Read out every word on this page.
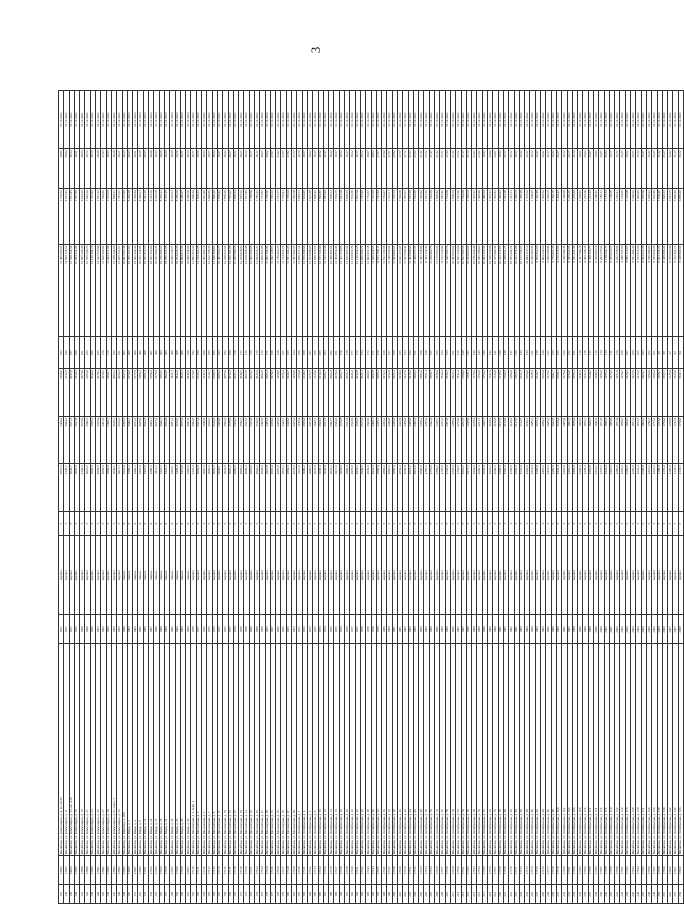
3
137	17082	Михайлов, ул. Коммунаров, д. 9, кв. 45/46	1971	кирпич	5	2851,4	2409,4	1996,0	193	11 489 296,96	7 765,52	29,86	31.12.2022
138	17083	Михайлов, ул. Коммунаров, д. 11	1971	кирпич	5	3168,7	2694,3	2152,6	196	12 843 118,52	8 015,43	28,94	31.12.2022
139	34493	Михайлов, ул. Коммунаров, д. 13, кв. 2-50	1971	кирпич	5	3038,7	2611,5	2037,8	187	12 560 324,54	7 811,45	28,34	31.12.2022
140	17086	Михайлов, ул. Коммунаров, д. 15	1973	кирпич	5	3025,6	2617,8	2124,3	189	12 594 214,41	7 877,56	28,41	31.12.2022
141	17088	Михайлов, ул. Коммунаров, д. 19	1968	кирпич	5	4169,3	3573,8	2873,8	251	16 895 120,38	8 024,10	29,54	31.12.2021
142	17089	Михайлов, ул. Коммунаров, д. 21	1969	кирпич	5	3021,2	2590,1	2105,9	186	12 475 238,76	7 942,64	28,72	31.12.2022
143	17090	Михайлов, ул. Коммунаров, д. 23	1966	кирпич	5	2962,5	2550,2	2044,4	182	12 168 394,16	7 745,92	28,16	31.12.2022
144	17091	Михайлов, ул. Коммунаров, д. 25	1967	кирпич	5	2968,8	2556,9	2078,5	185	12 327 616,94	7 851,22	28,48	31.12.2022
145	17092	Михайлов, ул. Коммунаров, д. 27	1964	кирпич	5	2884,4	2461,3	1979,2	170	11 828 442,84	7 629,83	27,93	31.12.2022
146	17093	Михайлов, ул. Коммунаров, д. 29	1964	кирпич	5	2899,8	2490,1	1999,7	173	11 944 517,60	7 674,35	28,05	31.12.2022
147	17094	Михайлов, ул. Коммунаров, д. 31, корп. 1	1965	кирпич	5	3030,2	2610,7	2093,2	186	12 478 334,06	7 838,27	28,39	31.12.2022
148	17095	Михайлов, ул. Коммунаров, д. 33	1965	кирпич	5	3017,5	2573,2	2060,3	181	12 265 721,81	7 781,37	28,21	31.12.2022
149	34795	Михайлов, ул. Маркова, д. 18А	1980	панель	9	5241,9	4453,6	3647,3	287	18 907 661,40	8 217,96	29,25	31.12.2022
150	17096	Михайлов, ул. Мира, д. 2	1982	панель	9	5389,2	4590,1	3750,6	296	19 456 207,82	8 302,38	29,43	31.12.2023
151	17097	Михайлов, ул. Мира, д. 4	1984	панель	9	5406,3	4611,5	3777,8	299	19 602 438,43	8 330,84	29,51	31.12.2023
152	17099	Михайлов, ул. Мира, д. 8	1985	панель	9	5425,0	4636,9	3790,3	302	19 705 124,86	8 349,21	29,58	31.12.2023
153	17101	Михайлов, ул. Мира, д. 12	1986	панель	9	5419,8	4622,3	3781,4	298	19 651 812,57	8 341,19	29,55	31.12.2023
154	17102	Михайлов, ул. Мира, д. 14	1987	панель	9	5398,6	4605,7	3769,2	297	19 591 356,03	8 322,65	29,49	31.12.2023
155	17103	Михайлов, ул. Мира, д. 16	1988	панель	9	5411,2	4617,4	3776,9	300	19 631 840,29	8 334,70	29,53	31.12.2023
156	17104	Михайлов, ул. Мира, д. 18	1989	панель	9	5432,7	4640,1	3793,5	303	19 728 406,51	8 355,12	29,60	31.12.2023
157	17106	Михайлов, ул. Мира, д. 22	1990	панель	9	5447,3	4652,8	3804,9	305	19 786 531,08	8 367,26	29,64	31.12.2023
158	17107	Михайлов, ул. Мира, д. 24	1991	панель	9	5455,1	4661,2	3811,7	306	19 820 145,73	8 374,51	29,66	31.12.2023
159	17108	Михайлов, ул. Мира, д. 26	1992	панель	9	5468,4	4673,5	3822,4	308	19 874 928,46	8 386,03	29,70	31.12.2023
160	17109	Михайлов, ул. Мира, д. 28	1993	панель	9	5471,9	4677,0	3826,1	309	19 894 017,32	8 390,27	29,71	31.12.2023
161	34797	Михайлов, ул. Мира, д. 30	1994	панель	9	5482,6	4687,9	3834,8	310	19 938 744,90	8 399,58	29,74	31.12.2023
162	17110	Михайлов, ул. Московская, д. 1, корп. 1	1978	кирпич	5	3125,4	2692,8	2170,5	192	12 897 416,32	7 960,34	28,77	31.12.2022
163	17111	Михайлов, ул. Московская, д. 3	1977	кирпич	5	3094,8	2661,6	2145,2	189	12 744 203,58	7 934,12	28,68	31.12.2022
164	17112	Михайлов, ул. Московская, д. 5	1976	кирпич	5	3081,3	2648,9	2133,7	188	12 681 492,10	7 921,48	28,63	31.12.2022
165	17113	Михайлов, ул. Московская, д. 7	1975	кирпич	5	3066,5	2634,2	2120,1	186	12 612 738,45	7 906,85	28,57	31.12.2022
166	17114	Михайлов, ул. Московская, д. 9	1974	кирпич	5	3052,7	2619,5	2108,3	185	12 548 306,91	7 893,20	28,52	31.12.2022
167	17115	Михайлов, ул. Московская, д. 11	1973	кирпич	5	3038,1	2605,8	2096,4	183	12 481 955,27	7 879,46	28,47	31.12.2022
168	17116	Михайлов, ул. Московская, д. 13	1972	кирпич	5	3024,9	2592,3	2085,0	182	12 418 623,64	7 866,18	28,42	31.12.2022
169	17117	Михайлов, ул. Московская, д. 15	1971	кирпич	5	3010,2	2578,6	2072,8	180	12 350 181,09	7 852,07	28,37	31.12.2022
170	17118	Михайлов, ул. Московская, д. 17	1970	кирпич	5	2996,6	2564,1	2061,2	179	12 287 549,55	7 838,74	28,32	31.12.2022
171	17119	Михайлов, ул. Московская, д. 19	1970	кирпич	5	2983,0	2550,7	2049,5	177	12 223 918,02	7 825,32	28,27	31.12.2022
172	17120	Михайлов, ул. Московская, д. 21	1969	кирпич	5	2969,4	2537,2	2037,9	176	12 160 286,48	7 811,95	28,22	31.12.2022
173	17121	Михайлов, ул. Московская, д. 23	1969	кирпич	5	2955,8	2523,8	2026,2	175	12 096 654,95	7 798,60	28,17	31.12.2022
174	17122	Михайлов, ул. Московская, д. 25	1968	кирпич	5	2942,2	2510,3	2014,6	173	12 033 023,41	7 785,22	28,12	31.12.2022
175	17123	Михайлов, ул. Московская, д. 27	1968	кирпич	5	2928,6	2496,9	2002,9	172	11 969 391,88	7 771,87	28,07	31.12.2022
176	17124	Михайлов, ул. Московская, д. 29	1967	кирпич	5	2915,0	2483,4	1991,3	171	11 905 760,34	7 758,50	28,02	31.12.2022
177	17125	Михайлов, ул. Московская, д. 31	1967	кирпич	5	2901,4	2470,0	1979,6	169	11 842 128,81	7 745,14	27,97	31.12.2022
178	17126	Михайлов, ул. Московская, д. 33	1966	кирпич	5	2887,8	2456,5	1968,0	168	11 778 497,27	7 731,77	27,92	31.12.2022
179	17127	Михайлов, ул. Московская, д. 35	1966	кирпич	5	2874,2	2443,1	1956,3	167	11 714 865,74	7 718,41	27,87	31.12.2022
180	17128	Михайлов, ул. Московская, д. 37	1965	кирпич	5	2860,6	2429,6	1944,7	165	11 651 234,20	7 705,04	27,82	31.12.2022
181	17129	Михайлов, ул. Московская, д. 39	1965	кирпич	5	2847,0	2416,2	1933,0	164	11 587 602,67	7 691,68	27,77	31.12.2022
182	17130	Михайлов, ул. Октябрьская, д. 2	1972	кирпич	5	3112,8	2678,4	2160,9	190	12 830 271,14	7 948,31	28,72	31.12.2022
183	17131	Михайлов, ул. Октябрьская, д. 4	1972	кирпич	5	3099,2	2665,0	2149,3	189	12 766 639,60	7 934,95	28,67	31.12.2022
184	17132	Михайлов, ул. Октябрьская, д. 6	1973	кирпич	5	3085,6	2651,5	2137,6	187	12 703 008,07	7 921,58	28,62	31.12.2022
185	17133	Михайлов, ул. Октябрьская, д. 8	1973	кирпич	5	3072,0	2638,1	2126,0	186	12 639 376,53	7 908,22	28,57	31.12.2022
186	17134	Михайлов, ул. Октябрьская, д. 10	1974	кирпич	5	3058,4	2624,6	2114,3	185	12 575 745,00	7 894,85	28,52	31.12.2022
187	17135	Михайлов, ул. Октябрьская, д. 12	1974	кирпич	5	3044,8	2611,2	2102,7	183	12 512 113,46	7 881,49	28,47	31.12.2022
188	17136	Михайлов, ул. Октябрьская, д. 14	1975	кирпич	5	3031,2	2597,7	2091,0	182	12 448 481,93	7 868,12	28,42	31.12.2022
189	17137	Михайлов, ул. Октябрьская, д. 16	1975	кирпич	5	3017,6	2584,3	2079,4	181	12 384 850,39	7 854,76	28,37	31.12.2022
190	17138	Михайлов, ул. Октябрьская, д. 18	1976	кирпич	5	3004,0	2570,8	2067,7	179	12 321 218,86	7 841,39	28,32	31.12.2022
191	17139	Михайлов, ул. Октябрьская, д. 20	1976	кирпич	5	2990,4	2557,4	2056,1	178	12 257 587,32	7 828,03	28,27	31.12.2022
192	17140	Михайлов, ул. Октябрьская, д. 22	1977	кирпич	5	2976,8	2543,9	2044,4	177	12 193 955,79	7 814,66	28,22	31.12.2022
193	17141	Михайлов, ул. Октябрьская, д. 24	1977	кирпич	5	2963,2	2530,5	2032,8	175	12 130 324,25	7 801,30	28,17	31.12.2022
194	17142	Михайлов, ул. Октябрьская, д. 26	1978	кирпич	5	2949,6	2517,0	2021,1	174	12 066 692,72	7 787,93	28,12	31.12.2022
195	17143	Михайлов, ул. Октябрьская, д. 28	1978	кирпич	5	2936,0	2503,6	2009,5	173	12 003 061,18	7 774,57	28,07	31.12.2022
196	17144	Михайлов, ул. Октябрьская, д. 30	1979	кирпич	5	2922,4	2490,1	1997,8	171	11 939 429,65	7 761,20	28,02	31.12.2022
197	17145	Михайлов, ул. Октябрьская, д. 32	1979	кирпич	5	2908,8	2476,7	1986,2	170	11 875 798,11	7 747,84	27,97	31.12.2022
198	17146	Михайлов, ул. Октябрьская, д. 34	1980	кирпич	5	2895,2	2463,2	1974,5	169	11 812 166,58	7 734,47	27,92	31.12.2022
199	17147	Михайлов, ул. Октябрьская, д. 36	1980	кирпич	5	2881,6	2449,8	1962,9	167	11 748 535,04	7 721,11	27,87	31.12.2022
200	17148	Михайлов, ул. Октябрьская, д. 38	1981	кирпич	5	2868,0	2436,3	1951,2	166	11 684 903,51	7 707,74	27,82	31.12.2022
201	17149	Михайлов, ул. Октябрьская, д. 40	1981	кирпич	5	2854,4	2422,9	1939,6	165	11 621 271,97	7 694,38	27,77	31.12.2022
202	17150	Михайлов, ул. Октябрьская, д. 42	1982	кирпич	5	2840,8	2409,4	1927,9	163	11 557 640,44	7 681,01	27,72	31.12.2022
203	17151	Михайлов, ул. Октябрьская, д. 44	1982	кирпич	5	2827,2	2396,0	1916,3	162	11 494 008,90	7 667,65	27,67	31.12.2022
204	17152	Михайлов, ул. Октябрьская, д. 46	1983	кирпич	5	2813,6	2382,5	1904,6	161	11 430 377,37	7 654,28	27,62	31.12.2022
205	17153	Михайлов, ул. Октябрьская, д. 48	1983	кирпич	5	2800,0	2369,1	1893,0	159	11 366 745,83	7 640,92	27,57	31.12.2022
206	17154	Михайлов, ул. Октябрьская, д. 50	1984	кирпич	5	2786,4	2355,6	1881,3	158	11 303 114,30	7 627,55	27,52	31.12.2022
207	17155	Михайлов, ул. Октябрьская, д. 52	1984	кирпич	5	2772,8	2342,2	1869,7	157	11 239 482,76	7 614,19	27,47	31.12.2022
208	17156	Михайлов, ул. Октябрьская, д. 54	1985	кирпич	5	2759,2	2328,7	1858,0	155	11 175 851,23	7 600,82	27,42	31.12.2022
209	17157	Михайлов, ул. Октябрьская, д. 56	1985	кирпич	5	2745,6	2315,3	1846,4	154	11 112 219,69	7 587,46	27,37	31.12.2022
210	17158	Михайлов, ул. Октябрьская, д. 58	1986	кирпич	5	2732,0	2301,8	1834,7	153	11 048 588,16	7 574,09	27,32	31.12.2022
211	17159	Михайлов, ул. Октябрьская, д. 60	1986	кирпич	5	2718,4	2288,4	1823,1	151	10 984 956,62	7 560,73	27,27	31.12.2022
212	17160	Михайлов, ул. Октябрьская, д. 62	1987	кирпич	5	2704,8	2274,9	1811,4	150	10 921 325,09	7 547,36	27,22	31.12.2022
213	17161	Михайлов, ул. Октябрьская, д. 64	1987	кирпич	5	2691,2	2261,5	1799,8	149	10 857 693,55	7 534,00	27,17	31.12.2022
214	17162	Михайлов, ул. Октябрьская, д. 66	1988	кирпич	5	2677,6	2248,0	1788,1	147	10 794 062,02	7 520,63	27,12	31.12.2022
215	17163	Михайлов, ул. Октябрьская, д. 68	1988	кирпич	5	2664,0	2234,6	1776,5	146	10 730 430,48	7 507,27	27,07	31.12.2022
216	17164	Михайлов, ул. Октябрьская, д. 70	1989	кирпич	5	2650,4	2221,1	1764,8	145	10 666 798,95	7 493,90	27,02	31.12.2022
217	17165	Михайлов, ул. Октябрьская, д. 72	1989	кирпич	5	2636,8	2207,7	1753,2	143	10 603 167,41	7 480,54	26,97	31.12.2022
218	17166	Михайлов, ул. Октябрьская, д. 74	1990	кирпич	5	2623,2	2194,2	1741,5	142	10 539 535,88	7 467,17	26,92	31.12.2022
219	17167	Михайлов, ул. Октябрьская, д. 76	1990	кирпич	5	2609,6	2180,8	1729,9	141	10 475 904,34	7 453,81	26,87	31.12.2022
220	17168	Михайлов, ул. Октябрьская, д. 78	1991	кирпич	5	2596,0	2167,3	1718,2	139	10 412 272,81	7 440,44	26,82	31.12.2022
221	17169	Михайлов, ул. Октябрьская, д. 80	1991	кирпич	5	2582,4	2153,9	1706,6	138	10 348 641,27	7 427,08	26,77	31.12.2022
222	17170	Михайлов, ул. Октябрьская, д. 82	1992	кирпич	5	2568,8	2140,4	1694,9	137	10 285 009,74	7 413,71	26,72	31.12.2022
223	17171	Михайлов, ул. Октябрьская, д. 84	1992	кирпич	5	2555,2	2127,0	1683,3	135	10 221 378,20	7 400,35	26,67	31.12.2022
224	17172	Михайлов, ул. Октябрьская, д. 86	1993	кирпич	5	2541,6	2113,5	1671,6	134	10 157 746,67	7 386,98	26,62	31.12.2022
225	17173	Михайлов, ул. Октябрьская, д. 88	1993	кирпич	5	2528,0	2100,1	1660,0	133	10 094 115,13	7 373,62	26,57	31.12.2022
226	17174	Михайлов, ул. Октябрьская, д. 90	1994	кирпич	5	2514,4	2086,6	1648,3	131	10 030 483,60	7 360,25	26,52	31.12.2022
227	17175	Михайлов, ул. Октябрьская, д. 92	1994	кирпич	5	2500,8	2073,2	1636,7	130	9 966 852,06	7 346,89	26,47	31.12.2022
228	17176	Михайлов, ул. Октябрьская, д. 94	1995	кирпич	5	2487,2	2059,7	1625,0	129	9 903 220,53	7 333,52	26,42	31.12.2022
229	17177	Михайлов, ул. Октябрьская, д. 96	1995	кирпич	5	2473,6	2046,3	1613,4	127	9 839 588,99	7 320,16	26,37	31.12.2022
230	17178	Михайлов, ул. Октябрьская, д. 98	1996	кирпич	5	2460,0	2032,8	1601,7	126	9 775 957,46	7 306,79	26,32	31.12.2022
231	17179	Михайлов, ул. Октябрьская, д. 100	1996	кирпич	5	2446,4	2019,4	1590,1	125	9 712 325,92	7 293,43	26,27	31.12.2022
232	17180	Михайлов, ул. Октябрьская, д. 102	1997	кирпич	5	2432,8	2005,9	1578,4	123	9 648 694,39	7 280,06	26,22	31.12.2022
233	17181	Михайлов, ул. Октябрьская, д. 104	1997	кирпич	5	2419,2	1992,5	1566,8	122	9 585 062,85	7 266,70	26,17	31.12.2022
234	17182	Михайлов, ул. Октябрьская, д. 106	1998	кирпич	5	2405,6	1979,0	1555,1	121	9 521 431,32	7 253,33	26,12	31.12.2022
235	17183	Михайлов, ул. Октябрьская, д. 108	1998	кирпич	5	2392,0	1965,6	1543,5	119	9 457 799,78	7 239,97	26,07	31.12.2022
236	17184	Михайлов, ул. Октябрьская, д. 110	1999	кирпич	5	2378,4	1952,1	1531,8	118	9 394 168,25	7 226,60	26,02	31.12.2022
237	17185	Михайлов, ул. Октябрьская, д. 112	1999	кирпич	5	2364,8	1938,7	1520,2	117	9 330 536,71	7 213,24	25,97	31.12.2022
238	17186	Михайлов, ул. Октябрьская, д. 114	2000	кирпич	5	2351,2	1925,2	1508,5	115	9 266 905,18	7 199,87	25,92	31.12.2022
239	17187	Михайлов, ул. Октябрьская, д. 116	2000	кирпич	5	2337,6	1911,8	1496,9	114	9 203 273,64	7 186,51	25,87	31.12.2022
240	17188	Михайлов, ул. Октябрьская, д. 118	2001	кирпич	5	2324,0	1898,3	1485,2	113	9 139 642,11	7 173,14	25,82	31.12.2022
241	17189	Михайлов, ул. Октябрьская, д. 120	2001	кирпич	5	2310,4	1884,9	1473,6	111	9 076 010,57	7 159,78	25,77	31.12.2022
242	17190	Михайлов, ул. Октябрьская, д. 122	2002	кирпич	5	2296,8	1871,4	1461,9	110	9 012 379,04	7 146,41	25,72	31.12.2022
243	17191	Михайлов, ул. Октябрьская, д. 124	2002	кирпич	5	2283,2	1858,0	1450,3	109	8 948 747,50	7 133,05	25,67	31.12.2022
244	17192	Михайлов, ул. Октябрьская, д. 126	2003	кирпич	5	2269,6	1844,5	1438,6	107	8 885 115,97	7 119,68	25,62	31.12.2022
245	17193	Михайлов, ул. Октябрьская, д. 128	2003	кирпич	5	2256,0	1831,1	1427,0	106	8 821 484,43	7 106,32	25,57	31.12.2022
246	17194	Михайлов, ул. Октябрьская, д. 130	2004	кирпич	5	2242,4	1817,6	1415,3	105	8 757 852,90	7 092,95	25,52	31.12.2022
247	17195	Михайлов, ул. Октябрьская, д. 132	2004	кирпич	5	2228,8	1804,2	1403,7	103	8 694 221,36	7 079,59	25,47	31.12.2022
248	17196	Михайлов, ул. Октябрьская, д. 134	2005	кирпич	5	2215,2	1790,7	1392,0	102	8 630 589,83	7 066,22	25,42	31.12.2022
249	17197	Михайлов, ул. Октябрьская, д. 136	2005	кирпич	5	2201,6	1777,3	1380,4	101	8 566 958,29	7 052,86	25,37	31.12.2022
250	17198	Михайлов, ул. Октябрьская, д. 138	2006	кирпич	5	2188,0	1763,8	1368,7	99	8 503 326,76	7 039,49	25,32	31.12.2022
251	17199	Михайлов, ул. Октябрьская, д. 140	2006	кирпич	5	2174,4	1750,4	1357,1	98	8 439 695,22	7 026,13	25,27	31.12.2022
252	17200	Михайлов, ул. Октябрьская, д. 142	2007	кирпич	5	2160,8	1736,9	1345,4	97	8 376 063,69	7 012,76	25,22	31.12.2022
253	17201	Михайлов, ул. Октябрьская, д. 144	2007	кирпич	5	2147,2	1723,5	1333,8	95	8 312 432,15	6 999,40	25,17	31.12.2022
254	17202	Михайлов, ул. Октябрьская, д. 146	2008	кирпич	5	2133,6	1710,0	1322,1	94	8 248 800,62	6 986,03	25,12	31.12.2022
